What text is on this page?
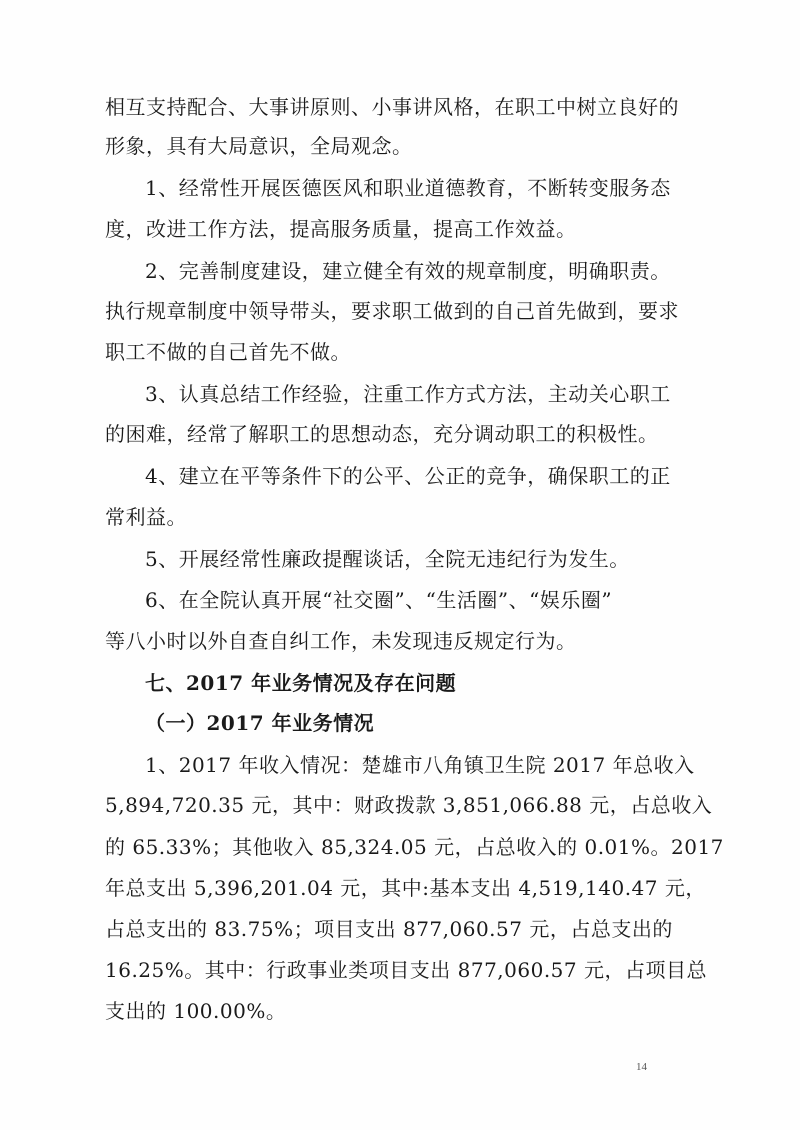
相互支持配合、大事讲原则、小事讲风格，在职工中树立良好的
形象，具有大局意识，全局观念。
1、经常性开展医德医风和职业道德教育，不断转变服务态
度，改进工作方法，提高服务质量，提高工作效益。
2、完善制度建设，建立健全有效的规章制度，明确职责。
执行规章制度中领导带头，要求职工做到的自己首先做到，要求
职工不做的自己首先不做。
3、认真总结工作经验，注重工作方式方法，主动关心职工
的困难，经常了解职工的思想动态，充分调动职工的积极性。
4、建立在平等条件下的公平、公正的竞争，确保职工的正
常利益。
5、开展经常性廉政提醒谈话，全院无违纪行为发生。
6、在全院认真开展“社交圈”、“生活圈”、“娱乐圈”
等八小时以外自查自纠工作，未发现违反规定行为。
七、2017 年业务情况及存在问题
（一）2017 年业务情况
1、2017 年收入情况：楚雄市八角镇卫生院 2017 年总收入
5,894,720.35 元，其中：财政拨款 3,851,066.88 元，占总收入
的 65.33%；其他收入 85,324.05 元，占总收入的 0.01%。2017
年总支出 5,396,201.04 元，其中:基本支出 4,519,140.47 元，
占总支出的 83.75%；项目支出 877,060.57 元，占总支出的
16.25%。其中：行政事业类项目支出 877,060.57 元，占项目总
支出的 100.00%。
14
